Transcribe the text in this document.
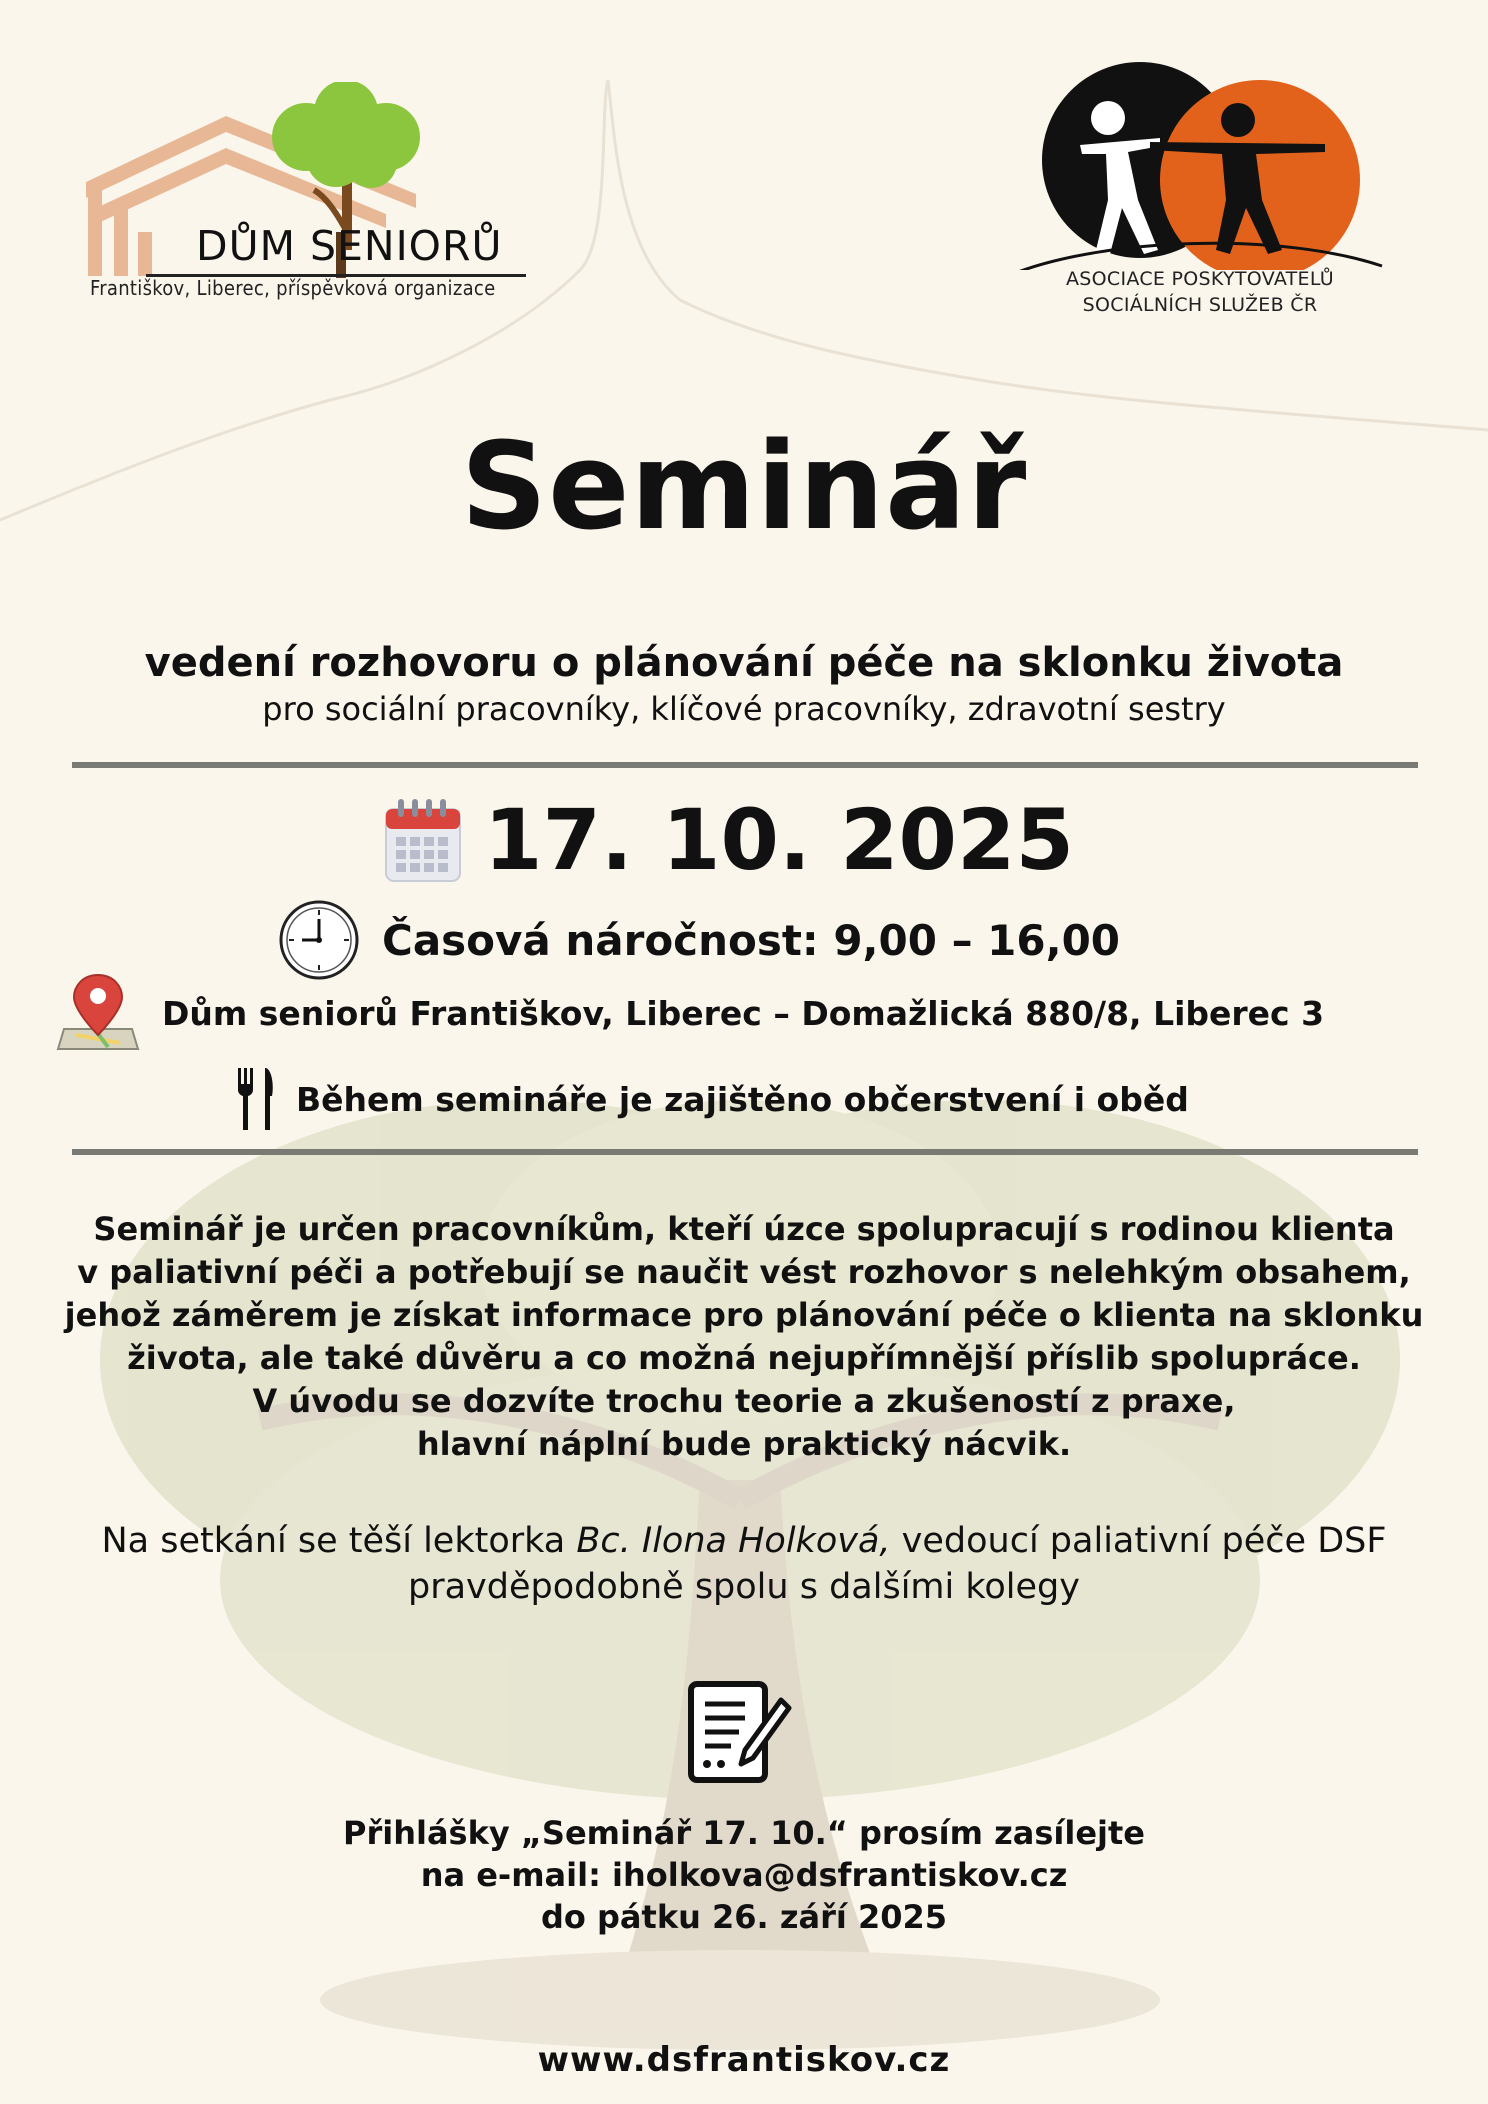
DŮM SENIORŮ
Františkov, Liberec, příspěvková organizace	ASOCIACE POSKYTOVATELŮ
SOCIÁLNÍCH SLUŽEB ČR
Seminář
vedení rozhovoru o plánování péče na sklonku života
pro sociální pracovníky, klíčové pracovníky, zdravotní sestry
17. 10. 2025
Časová náročnost: 9,00 – 16,00
Dům seniorů Františkov, Liberec – Domažlická 880/8, Liberec 3
Během semináře je zajištěno občerstvení i oběd
Seminář je určen pracovníkům, kteří úzce spolupracují s rodinou klienta
v paliativní péči a potřebují se naučit vést rozhovor s nelehkým obsahem,
jehož záměrem je získat informace pro plánování péče o klienta na sklonku
života, ale také důvěru a co možná nejupřímnější příslib spolupráce.
V úvodu se dozvíte trochu teorie a zkušeností z praxe,
hlavní náplní bude praktický nácvik.
Na setkání se těší lektorka Bc. Ilona Holková, vedoucí paliativní péče DSF
pravděpodobně spolu s dalšími kolegy
Přihlášky „Seminář 17. 10.“ prosím zasílejte
na e-mail: iholkova@dsfrantiskov.cz
do pátku 26. září 2025
www.dsfrantiskov.cz
